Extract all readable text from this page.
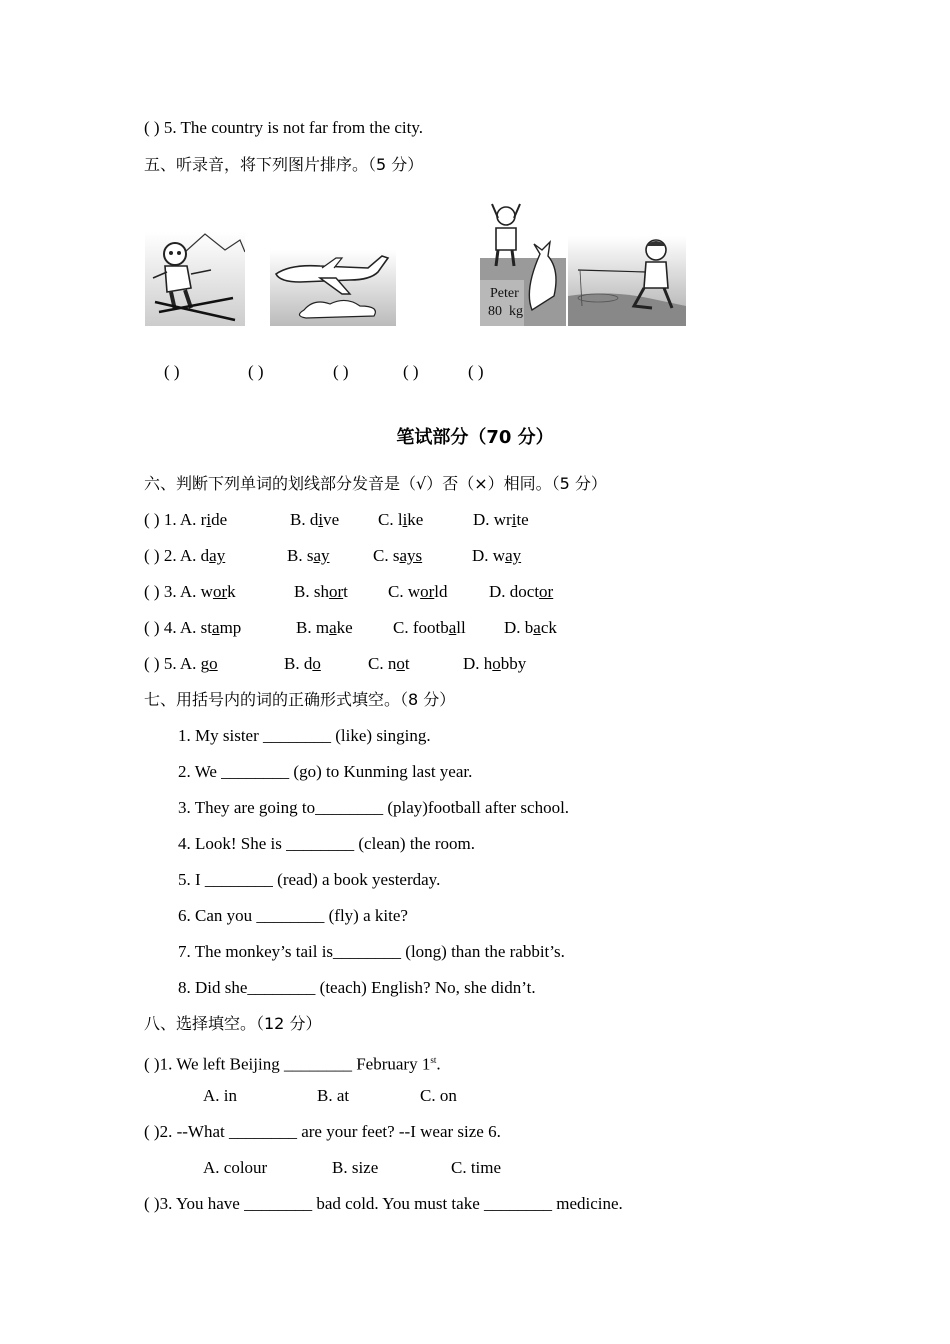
( ) 5. The country is not far from the city.
五、听录音，将下列图片排序。（5 分）
Peter
80  kg
( )	( )	( )	( )	( )
笔试部分（70 分）
六、判断下列单词的划线部分发音是（√）否（×）相同。（5 分）
( ) 1. A. ride	B. dive C. like	D. write
( ) 2. A. day	B. say	C. says	D. way
( ) 3. A. work	B. short C. world D. doctor
( ) 4. A. stamp	B. make C. football D. back
( ) 5. A. go	B. do	C. not	D. hobby
七、用括号内的词的正确形式填空。（8 分）
1. My sister ________ (like) singing.
2. We ________ (go) to Kunming last year.
3. They are going to________ (play)football after school.
4. Look! She is ________ (clean) the room.
5. I ________ (read) a book yesterday.
6. Can you ________ (fly) a kite?
7. The monkey’s tail is________ (long) than the rabbit’s.
8. Did she________ (teach) English? No, she didn’t.
八、选择填空。（12 分）
( )1. We left Beijing ________ February 1st.
A. in	B. at	C. on
( )2. --What ________ are your feet? --I wear size 6.
A. colour	B. size	C. time
( )3. You have ________ bad cold. You must take ________ medicine.
